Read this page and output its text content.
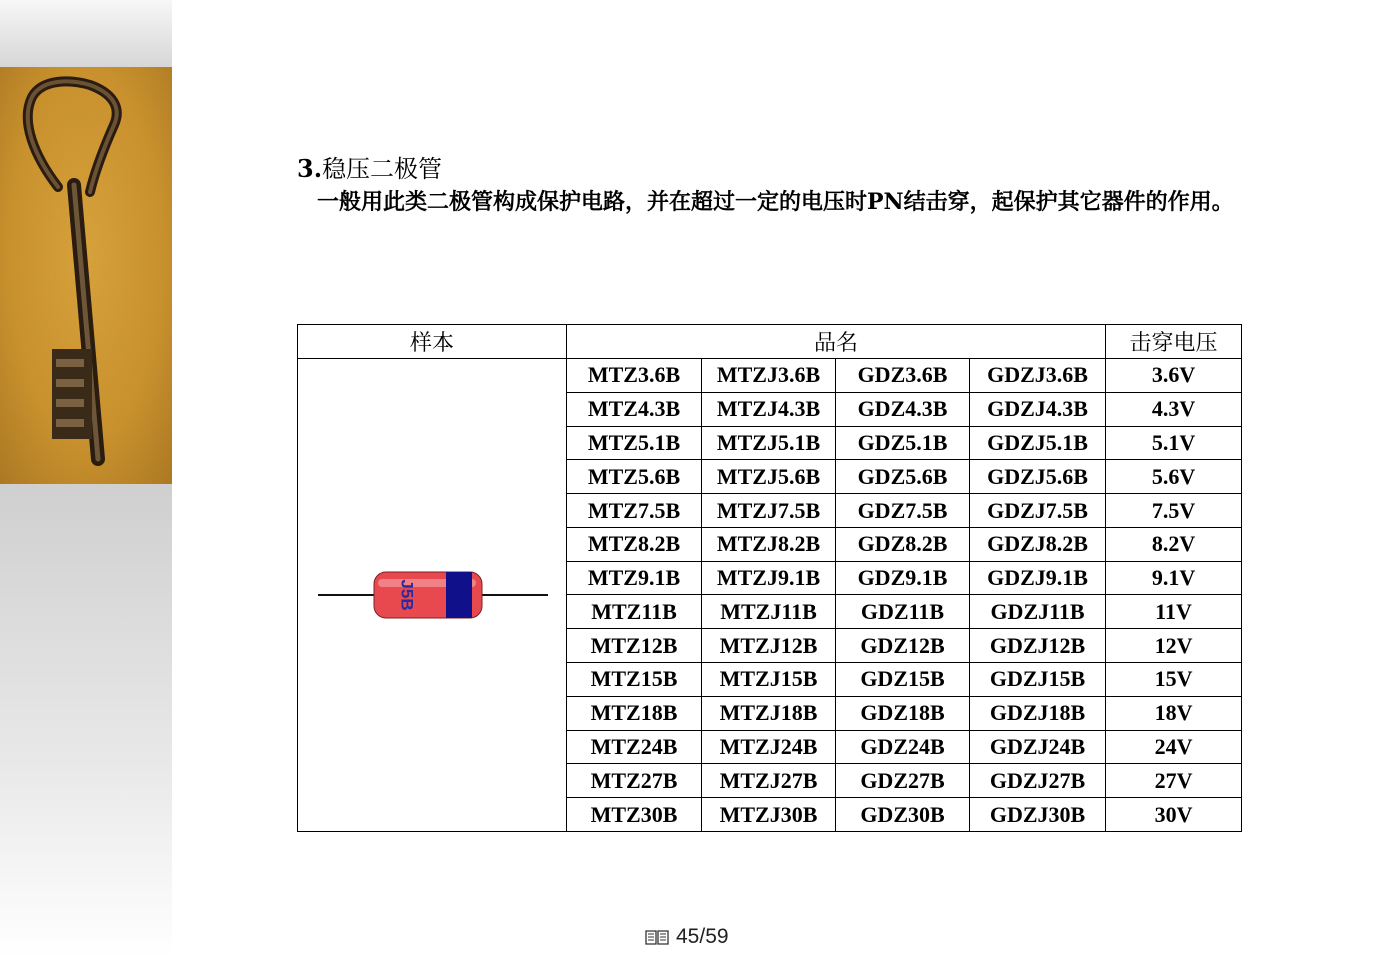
3.稳压二极管

一般用此类二极管构成保护电路，并在超过一定的电压时PN结击穿，起保护其它器件的作用。

样本	品名				击穿电压

J5B	MTZ3.6B	MTZJ3.6B	GDZ3.6B	GDZJ3.6B	3.6V
	MTZ4.3B	MTZJ4.3B	GDZ4.3B	GDZJ4.3B	4.3V
	MTZ5.1B	MTZJ5.1B	GDZ5.1B	GDZJ5.1B	5.1V
	MTZ5.6B	MTZJ5.6B	GDZ5.6B	GDZJ5.6B	5.6V
	MTZ7.5B	MTZJ7.5B	GDZ7.5B	GDZJ7.5B	7.5V
	MTZ8.2B	MTZJ8.2B	GDZ8.2B	GDZJ8.2B	8.2V
	MTZ9.1B	MTZJ9.1B	GDZ9.1B	GDZJ9.1B	9.1V
	MTZ11B	MTZJ11B	GDZ11B	GDZJ11B	11V
	MTZ12B	MTZJ12B	GDZ12B	GDZJ12B	12V
	MTZ15B	MTZJ15B	GDZ15B	GDZJ15B	15V
	MTZ18B	MTZJ18B	GDZ18B	GDZJ18B	18V
	MTZ24B	MTZJ24B	GDZ24B	GDZJ24B	24V
	MTZ27B	MTZJ27B	GDZ27B	GDZJ27B	27V
	MTZ30B	MTZJ30B	GDZ30B	GDZJ30B	30V
45/59
